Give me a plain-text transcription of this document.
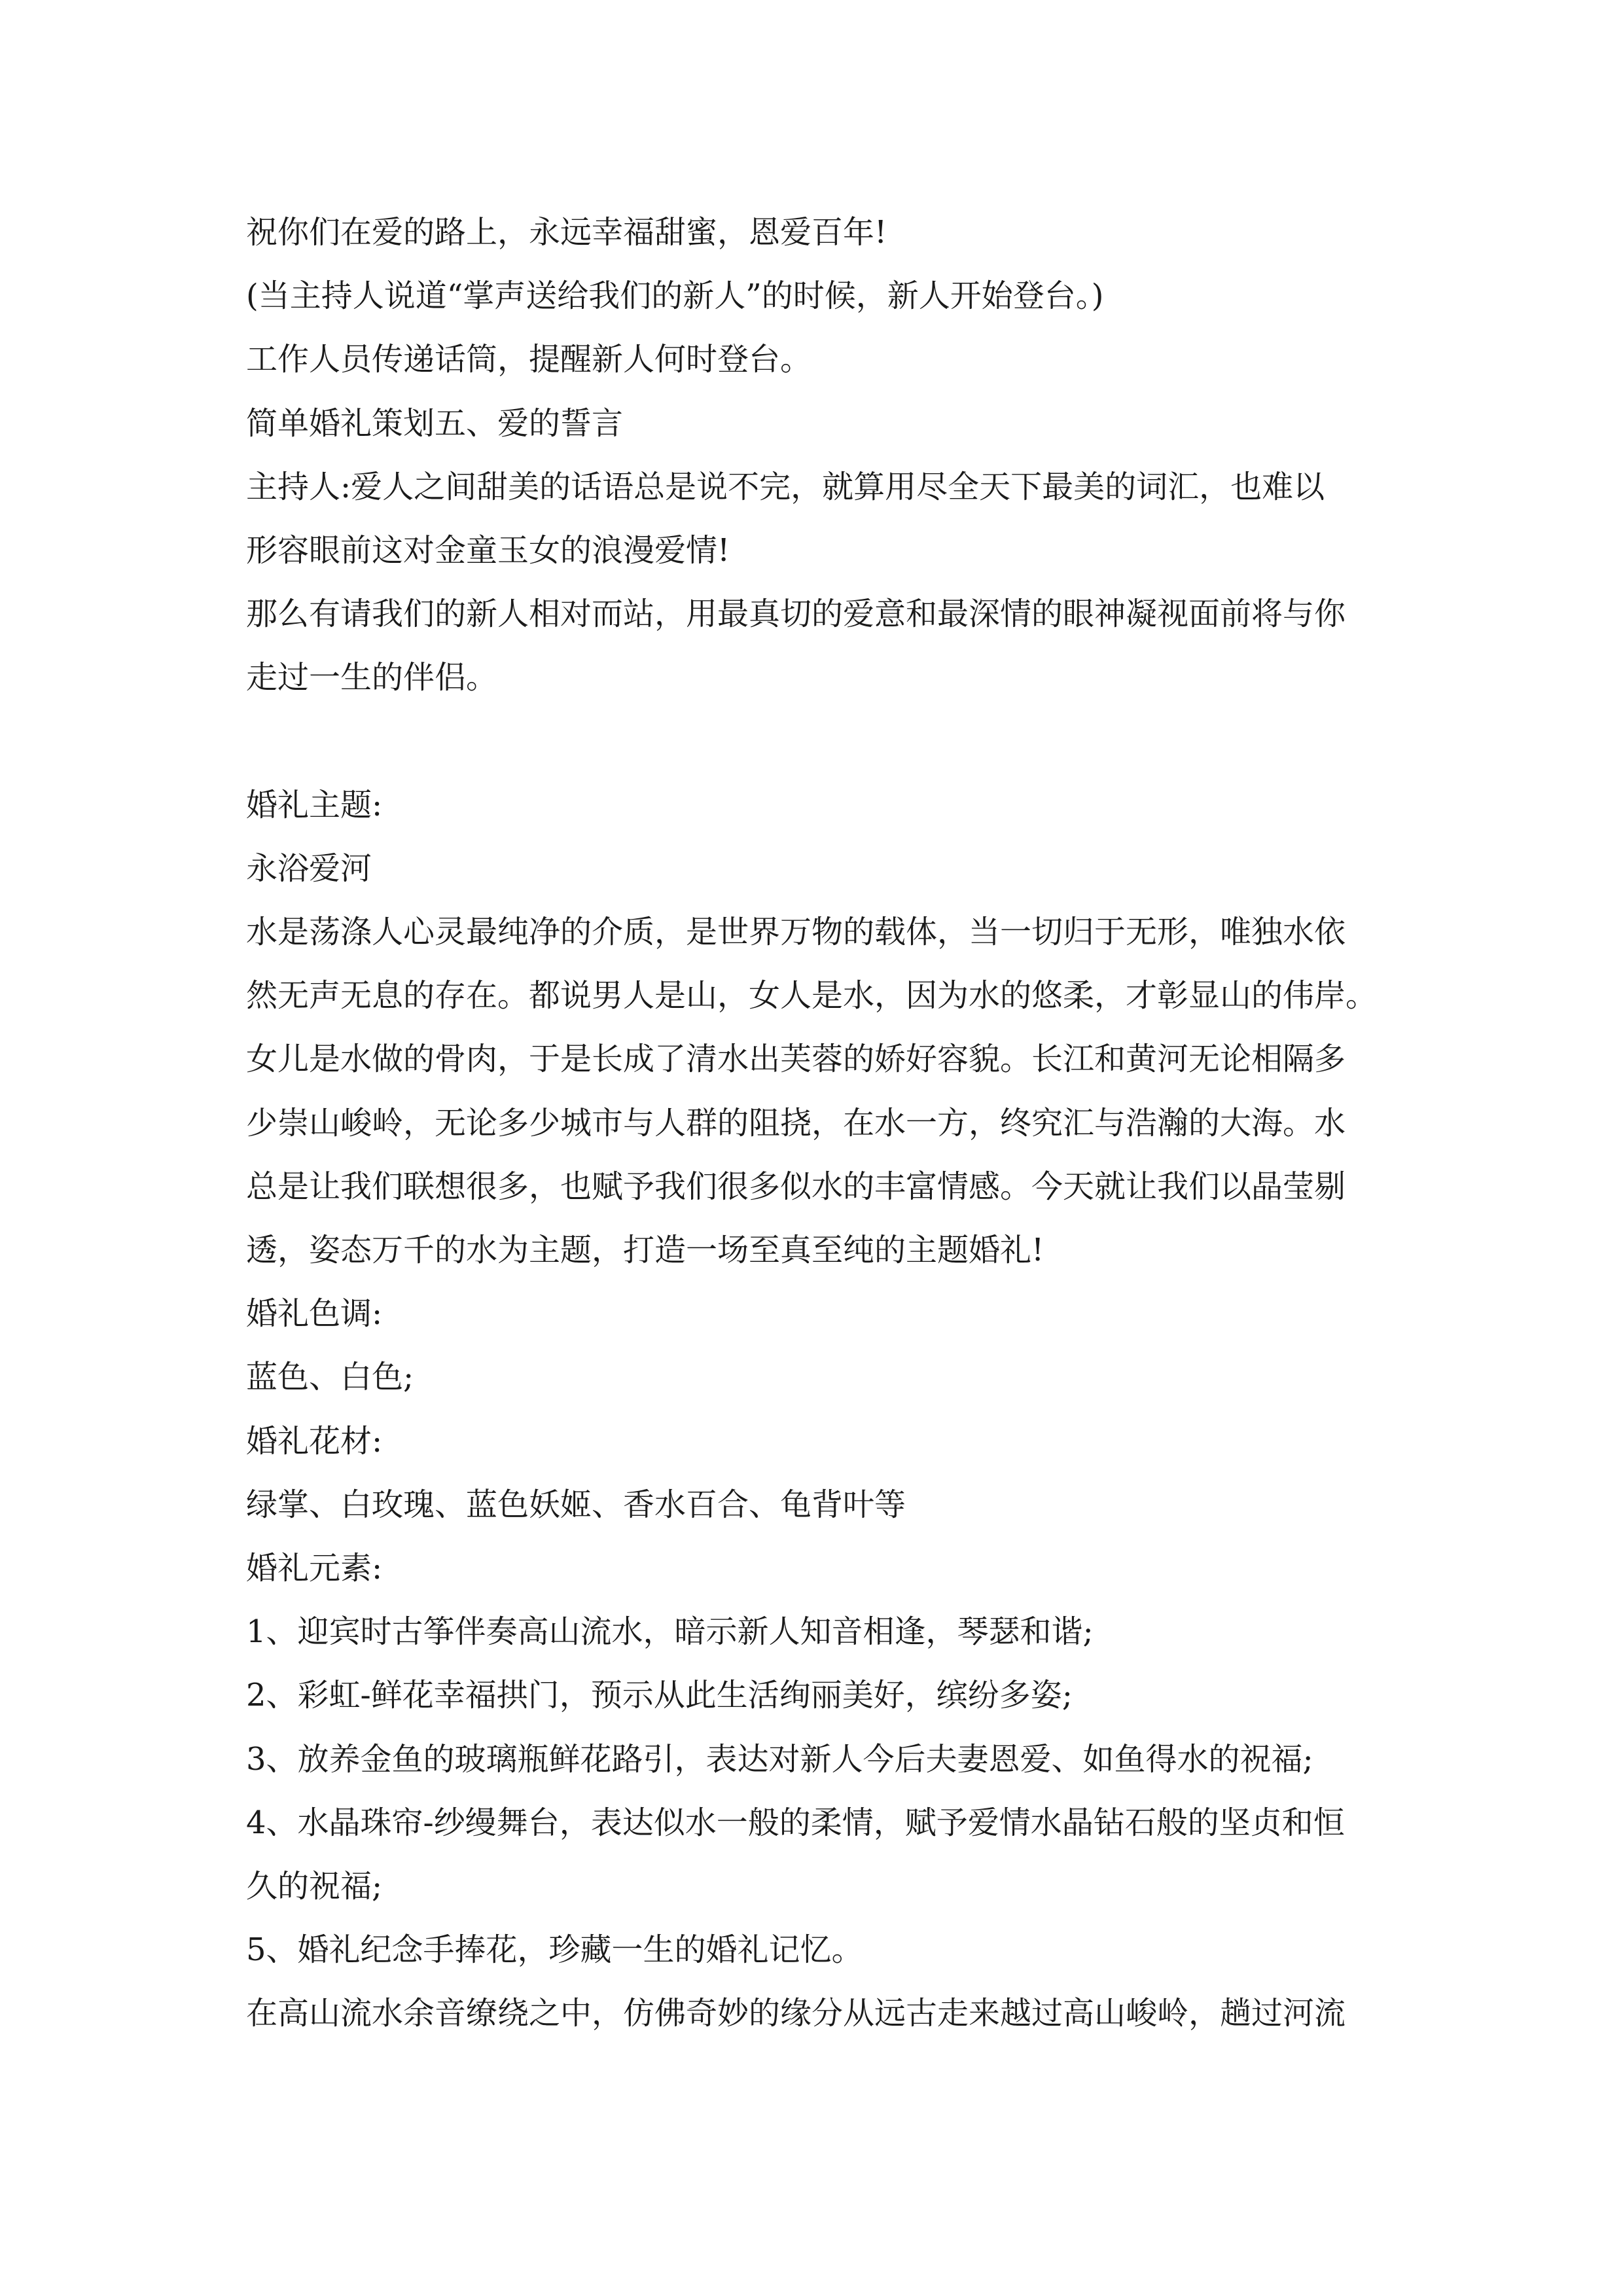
祝你们在爱的路上，永远幸福甜蜜，恩爱百年!

(当主持人说道“掌声送给我们的新人”的时候，新人开始登台。)

工作人员传递话筒，提醒新人何时登台。

简单婚礼策划五、爱的誓言

主持人:爱人之间甜美的话语总是说不完，就算用尽全天下最美的词汇，也难以

形容眼前这对金童玉女的浪漫爱情!

那么有请我们的新人相对而站，用最真切的爱意和最深情的眼神凝视面前将与你

走过一生的伴侣。

婚礼主题:

永浴爱河

水是荡涤人心灵最纯净的介质，是世界万物的载体，当一切归于无形，唯独水依

然无声无息的存在。都说男人是山，女人是水，因为水的悠柔，才彰显山的伟岸。

女儿是水做的骨肉，于是长成了清水出芙蓉的娇好容貌。长江和黄河无论相隔多

少崇山峻岭，无论多少城市与人群的阻挠，在水一方，终究汇与浩瀚的大海。水

总是让我们联想很多，也赋予我们很多似水的丰富情感。今天就让我们以晶莹剔

透，姿态万千的水为主题，打造一场至真至纯的主题婚礼!

婚礼色调:

蓝色、白色;

婚礼花材:

绿掌、白玫瑰、蓝色妖姬、香水百合、龟背叶等

婚礼元素:

1、迎宾时古筝伴奏高山流水，暗示新人知音相逢，琴瑟和谐;

2、彩虹-鲜花幸福拱门，预示从此生活绚丽美好，缤纷多姿;

3、放养金鱼的玻璃瓶鲜花路引，表达对新人今后夫妻恩爱、如鱼得水的祝福;

4、水晶珠帘-纱缦舞台，表达似水一般的柔情，赋予爱情水晶钻石般的坚贞和恒

久的祝福;

5、婚礼纪念手捧花，珍藏一生的婚礼记忆。

在高山流水余音缭绕之中，仿佛奇妙的缘分从远古走来越过高山峻岭，趟过河流
